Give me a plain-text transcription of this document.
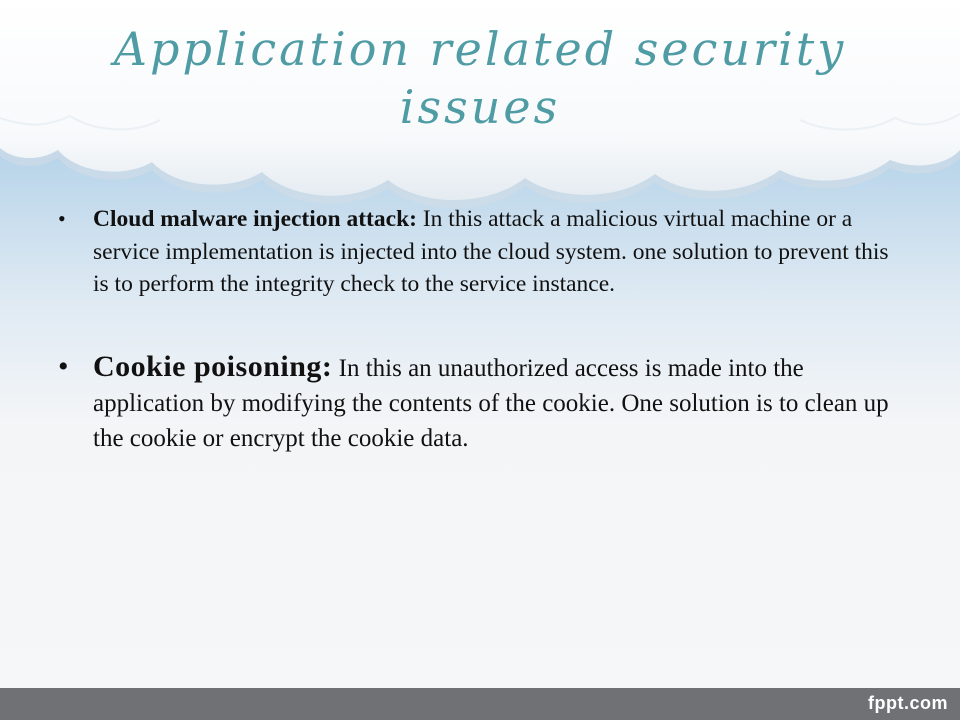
Application related security issues
• Cloud malware injection attack: In this attack a malicious virtual machine or a service implementation is injected into the cloud system. one solution to prevent this is to perform the integrity check to the service instance.
• Cookie poisoning: In this an unauthorized access is made into the application by modifying the contents of the cookie. One solution is to clean up the cookie or encrypt the cookie data.
fppt.com
